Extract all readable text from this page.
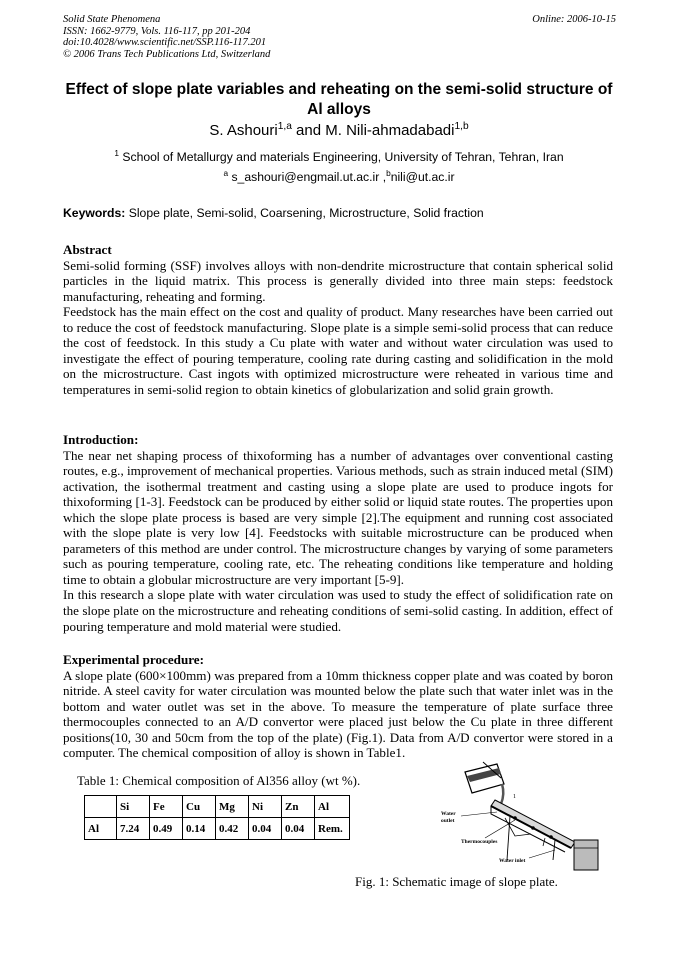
Solid State Phenomena
ISSN: 1662-9779, Vols. 116-117, pp 201-204
doi:10.4028/www.scientific.net/SSP.116-117.201
© 2006 Trans Tech Publications Ltd, Switzerland
Online: 2006-10-15
Effect of slope plate variables and reheating on the semi-solid structure of Al alloys
S. Ashouri$^{1,a}$ and M. Nili-ahmadabadi$^{1,b}$
$^1$ School of Metallurgy and materials Engineering, University of Tehran, Tehran, Iran
$^a$ s_ashouri@engmail.ut.ac.ir ,$^b$nili@ut.ac.ir
Keywords: Slope plate, Semi-solid, Coarsening, Microstructure, Solid fraction
Abstract

Semi-solid forming (SSF) involves alloys with non-dendrite microstructure that contain spherical solid particles in the liquid matrix. This process is generally divided into three main steps: feedstock manufacturing, reheating and forming.

Feedstock has the main effect on the cost and quality of product. Many researches have been carried out to reduce the cost of feedstock manufacturing. Slope plate is a simple semi-solid process that can reduce the cost of feedstock. In this study a Cu plate with water and without water circulation was used to investigate the effect of pouring temperature, cooling rate during casting and solidification in the mold on the microstructure. Cast ingots with optimized microstructure were reheated in various time and temperatures in semi-solid region to obtain kinetics of globularization and solid grain growth.

Introduction:

The near net shaping process of thixoforming has a number of advantages over conventional casting routes, e.g., improvement of mechanical properties. Various methods, such as strain induced metal (SIM) activation, the isothermal treatment and casting using a slope plate are used to produce ingots for thixoforming [1-3]. Feedstock can be produced by either solid or liquid state routes. The properties upon which the slope plate process is based are very simple [2].The equipment and running cost associated with the slope plate is very low [4]. Feedstocks with suitable microstructure can be produced when parameters of this method are under control. The microstructure changes by varying of some parameters such as pouring temperature, cooling rate, etc. The reheating conditions like temperature and holding time to obtain a globular microstructure are very important [5-9].

In this research a slope plate with water circulation was used to study the effect of solidification rate on the slope plate on the microstructure and reheating conditions of semi-solid casting. In addition, effect of pouring temperature and mold material were studied.

Experimental procedure:

A slope plate (600×100mm) was prepared from a 10mm thickness copper plate and was coated by boron nitride. A steel cavity for water circulation was mounted below the plate such that water inlet was in the bottom and water outlet was set in the above. To measure the temperature of plate surface three thermocouples connected to an A/D convertor were placed just below the Cu plate in three different positions(10, 30 and 50cm from the top of the plate) (Fig.1). Data from A/D convertor were stored in a computer. The chemical composition of alloy is shown in Table1.

Table 1: Chemical composition of Al356 alloy (wt %).
	Si	Fe	Cu	Mg	Ni	Zn	Al
Al	7.24	0.49	0.14	0.42	0.04	0.04	Rem.
1
Water
outlet
Thermocouples
Water inlet
Fig. 1: Schematic image of slope plate.
